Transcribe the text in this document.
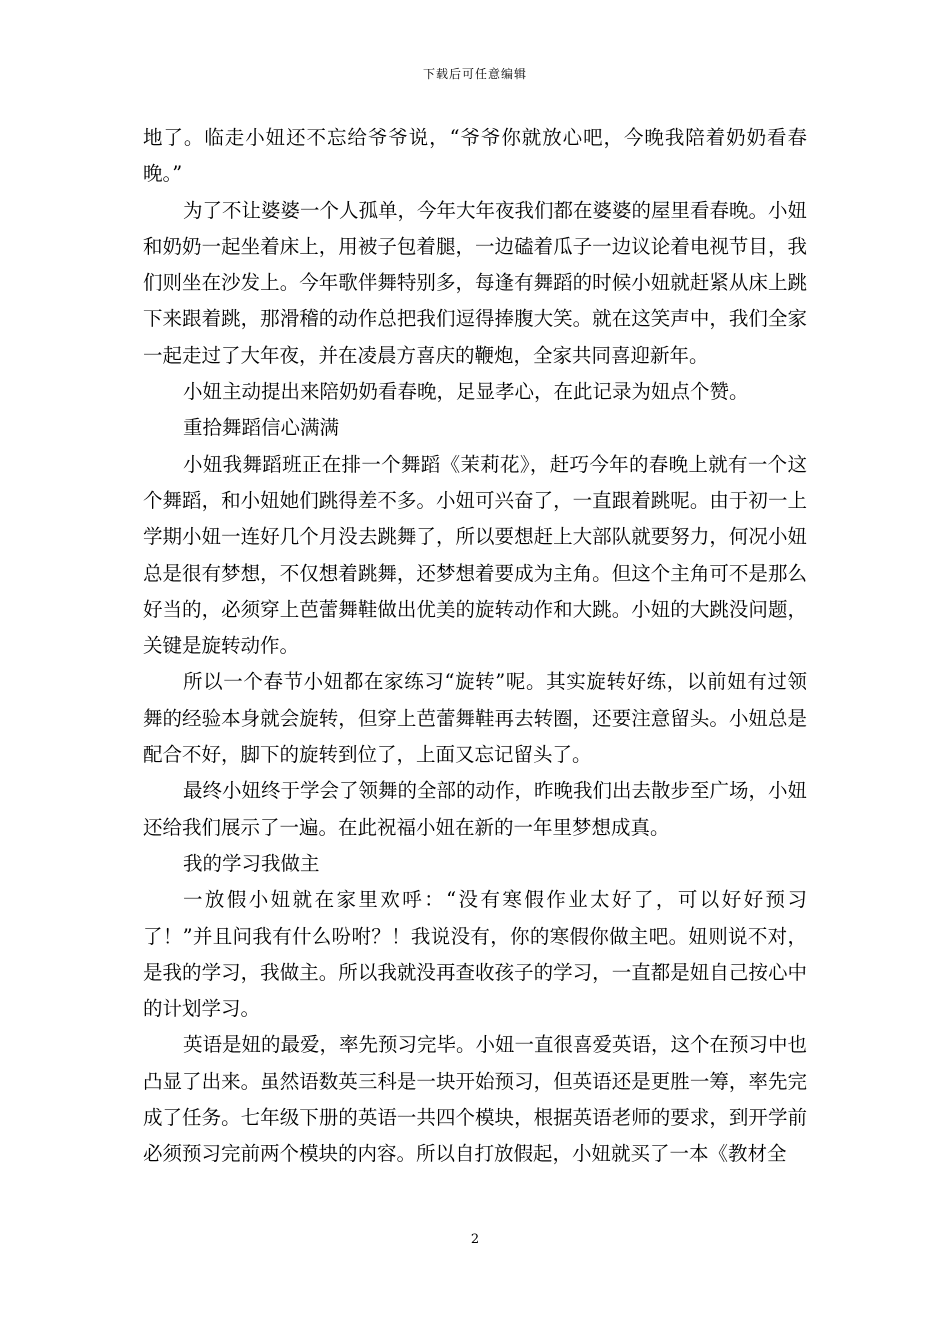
下载后可任意编辑

地了。临走小妞还不忘给爷爷说，“爷爷你就放心吧，今晚我陪着奶奶看春晚。”

为了不让婆婆一个人孤单，今年大年夜我们都在婆婆的屋里看春晚。小妞和奶奶一起坐着床上，用被子包着腿，一边磕着瓜子一边议论着电视节目，我们则坐在沙发上。今年歌伴舞特别多，每逢有舞蹈的时候小妞就赶紧从床上跳下来跟着跳，那滑稽的动作总把我们逗得捧腹大笑。就在这笑声中，我们全家一起走过了大年夜，并在凌晨方喜庆的鞭炮，全家共同喜迎新年。

小妞主动提出来陪奶奶看春晚，足显孝心，在此记录为妞点个赞。

重拾舞蹈信心满满

小妞我舞蹈班正在排一个舞蹈《茉莉花》，赶巧今年的春晚上就有一个这个舞蹈，和小妞她们跳得差不多。小妞可兴奋了，一直跟着跳呢。由于初一上学期小妞一连好几个月没去跳舞了，所以要想赶上大部队就要努力，何况小妞总是很有梦想，不仅想着跳舞，还梦想着要成为主角。但这个主角可不是那么好当的，必须穿上芭蕾舞鞋做出优美的旋转动作和大跳。小妞的大跳没问题，关键是旋转动作。

所以一个春节小妞都在家练习“旋转”呢。其实旋转好练，以前妞有过领舞的经验本身就会旋转，但穿上芭蕾舞鞋再去转圈，还要注意留头。小妞总是配合不好，脚下的旋转到位了，上面又忘记留头了。

最终小妞终于学会了领舞的全部的动作，昨晚我们出去散步至广场，小妞还给我们展示了一遍。在此祝福小妞在新的一年里梦想成真。

我的学习我做主

一放假小妞就在家里欢呼：“没有寒假作业太好了，可以好好预习了！”并且问我有什么吩咐？！我说没有，你的寒假你做主吧。妞则说不对，是我的学习，我做主。所以我就没再查收孩子的学习，一直都是妞自己按心中的计划学习。

英语是妞的最爱，率先预习完毕。小妞一直很喜爱英语，这个在预习中也凸显了出来。虽然语数英三科是一块开始预习，但英语还是更胜一筹，率先完成了任务。七年级下册的英语一共四个模块，根据英语老师的要求，到开学前必须预习完前两个模块的内容。所以自打放假起，小妞就买了一本《教材全

2
